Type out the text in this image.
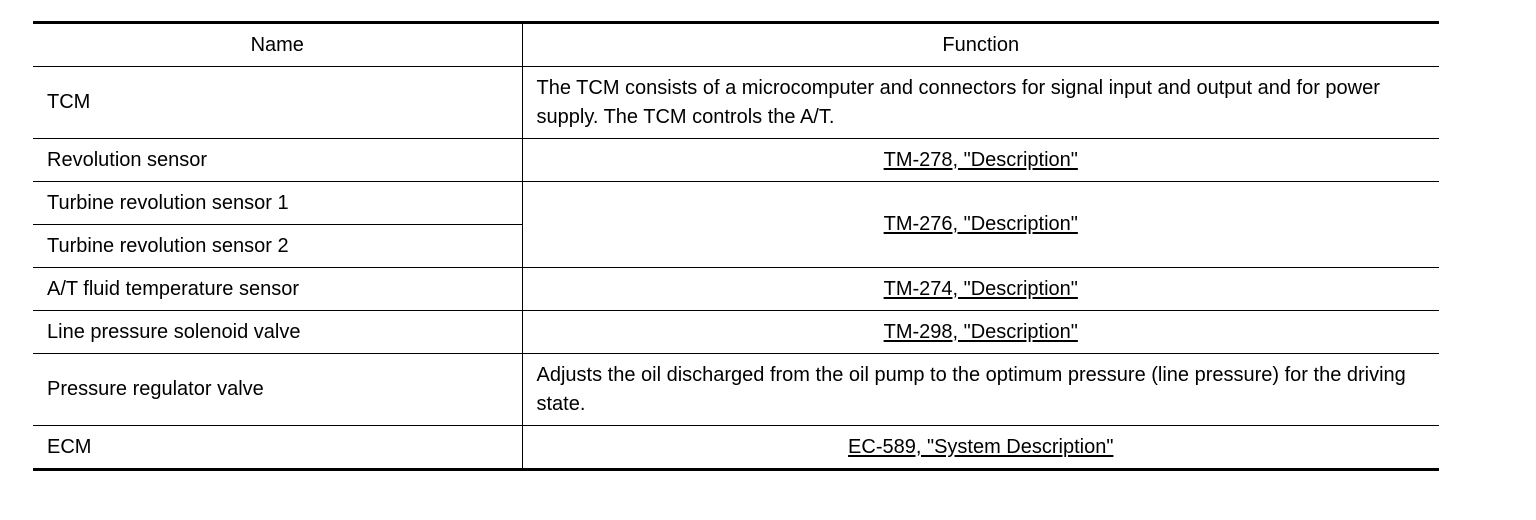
Name	Function
TCM	The TCM consists of a microcomputer and connectors for signal input and output and for power supply. The TCM controls the A/T.
Revolution sensor	TM-278, "Description"
Turbine revolution sensor 1	TM-276, "Description"
Turbine revolution sensor 2	
A/T fluid temperature sensor	TM-274, "Description"
Line pressure solenoid valve	TM-298, "Description"
Pressure regulator valve	Adjusts the oil discharged from the oil pump to the optimum pressure (line pressure) for the driving state.
ECM	EC-589, "System Description"
